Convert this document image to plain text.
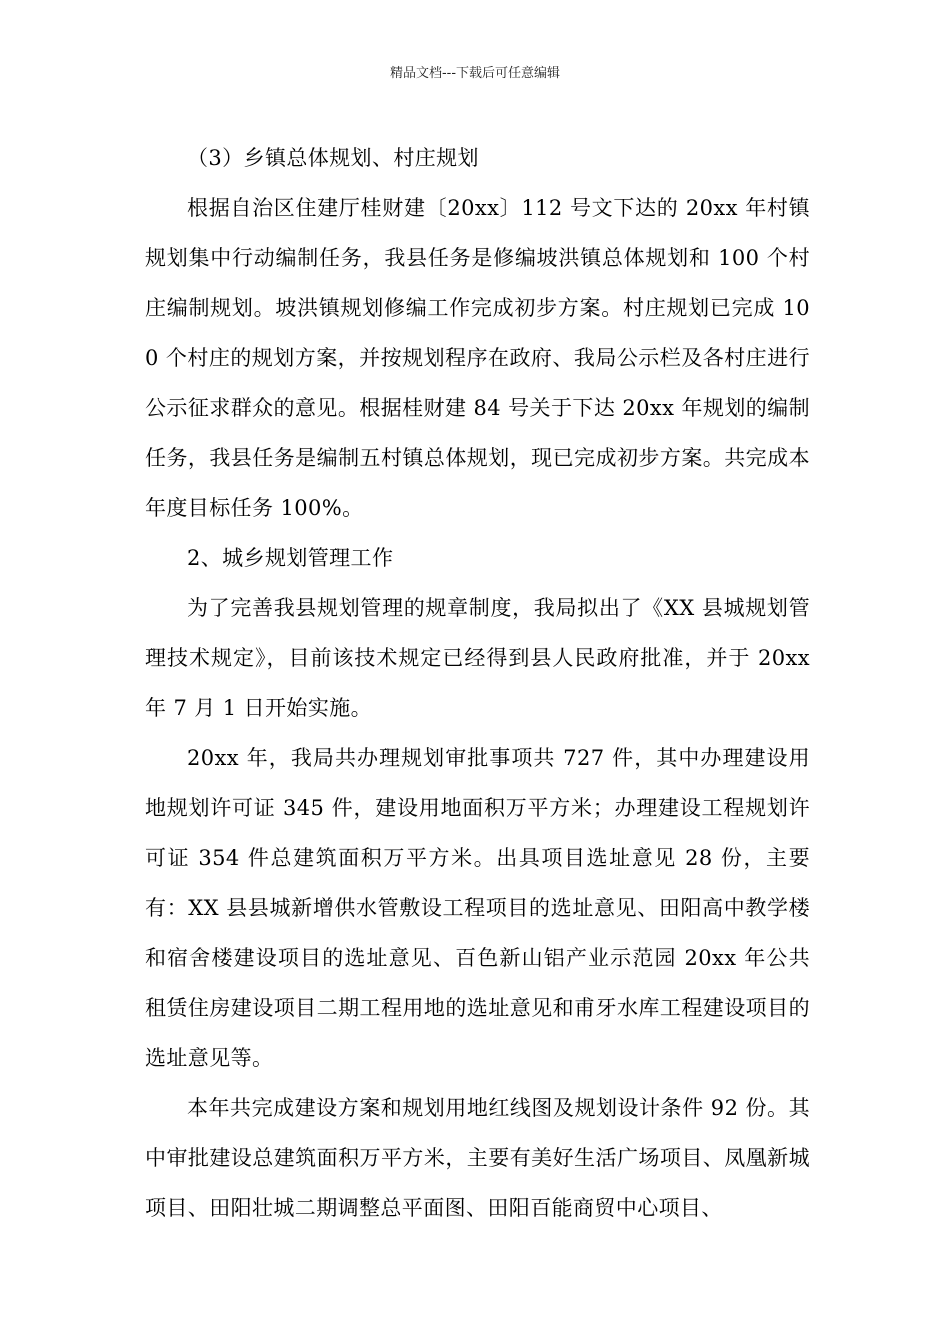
精品文档---下载后可任意编辑

（3）乡镇总体规划、村庄规划

根据自治区住建厅桂财建〔20xx〕112 号文下达的 20xx 年村镇规划集中行动编制任务，我县任务是修编坡洪镇总体规划和 100 个村庄编制规划。坡洪镇规划修编工作完成初步方案。村庄规划已完成 100 个村庄的规划方案，并按规划程序在政府、我局公示栏及各村庄进行公示征求群众的意见。根据桂财建 84 号关于下达 20xx 年规划的编制任务，我县任务是编制五村镇总体规划，现已完成初步方案。共完成本年度目标任务 100%。

2、城乡规划管理工作

为了完善我县规划管理的规章制度，我局拟出了《XX 县城规划管理技术规定》，目前该技术规定已经得到县人民政府批准，并于 20xx 年 7 月 1 日开始实施。

20xx 年，我局共办理规划审批事项共 727 件，其中办理建设用地规划许可证 345 件，建设用地面积万平方米；办理建设工程规划许可证 354 件总建筑面积万平方米。出具项目选址意见 28 份，主要有：XX 县县城新增供水管敷设工程项目的选址意见、田阳高中教学楼和宿舍楼建设项目的选址意见、百色新山铝产业示范园 20xx 年公共租赁住房建设项目二期工程用地的选址意见和甫牙水库工程建设项目的选址意见等。

本年共完成建设方案和规划用地红线图及规划设计条件 92 份。其中审批建设总建筑面积万平方米，主要有美好生活广场项目、凤凰新城项目、田阳壮城二期调整总平面图、田阳百能商贸中心项目、
